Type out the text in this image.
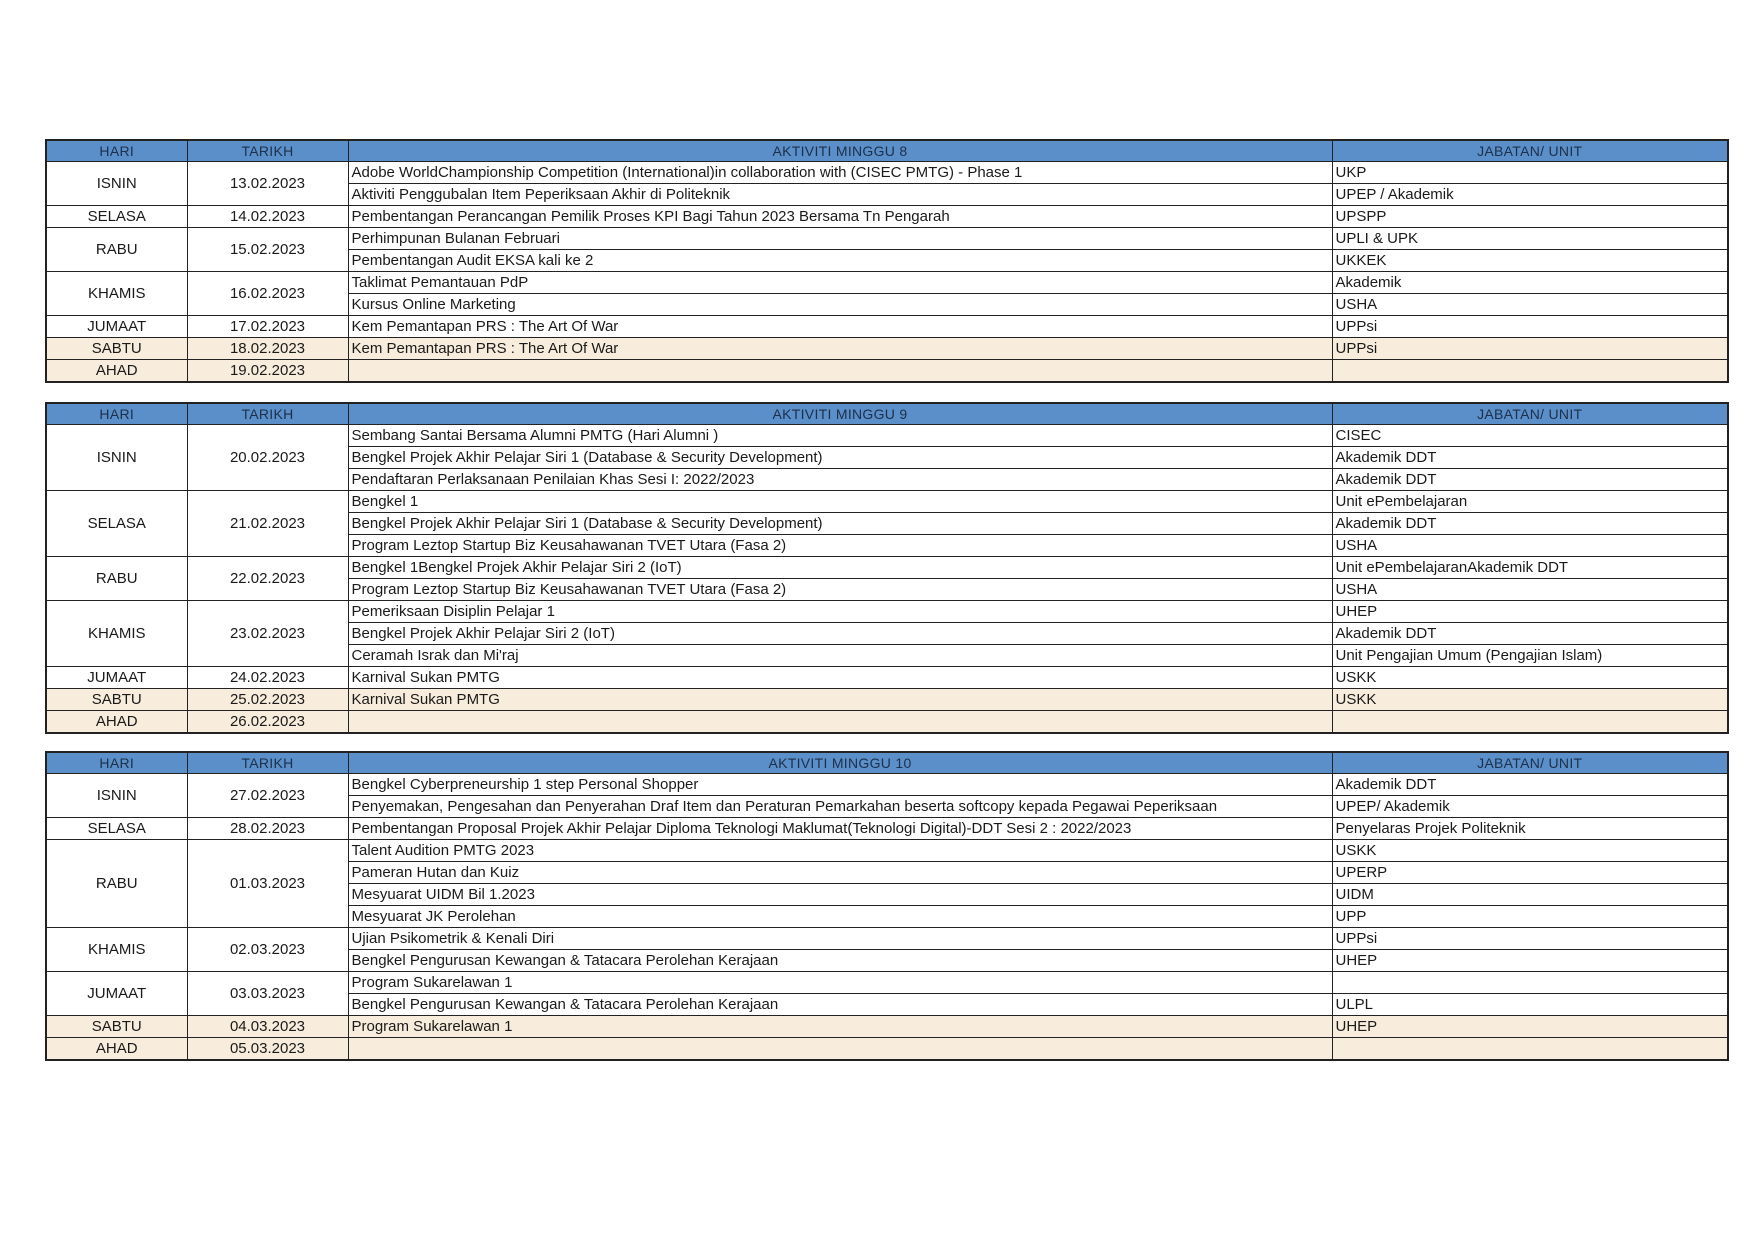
HARI	TARIKH	AKTIVITI MINGGU 8	JABATAN/ UNIT
ISNIN	13.02.2023	Adobe WorldChampionship Competition (International)in collaboration with (CISEC PMTG) - Phase 1	UKP
		Aktiviti Penggubalan Item Peperiksaan Akhir di Politeknik	UPEP / Akademik
SELASA	14.02.2023	Pembentangan Perancangan Pemilik Proses KPI Bagi Tahun 2023 Bersama Tn Pengarah	UPSPP
RABU	15.02.2023	Perhimpunan Bulanan Februari	UPLI & UPK
		Pembentangan Audit EKSA kali ke 2	UKKEK
KHAMIS	16.02.2023	Taklimat Pemantauan PdP	Akademik
		Kursus Online Marketing	USHA
JUMAAT	17.02.2023	Kem Pemantapan PRS : The Art Of War	UPPsi
SABTU	18.02.2023	Kem Pemantapan PRS : The Art Of War	UPPsi
AHAD	19.02.2023		
HARI	TARIKH	AKTIVITI MINGGU 9	JABATAN/ UNIT
ISNIN	20.02.2023	Sembang Santai Bersama Alumni PMTG (Hari Alumni )	CISEC
		Bengkel Projek Akhir Pelajar Siri 1 (Database & Security Development)	Akademik DDT
		Pendaftaran Perlaksanaan Penilaian Khas Sesi I: 2022/2023	Akademik DDT
SELASA	21.02.2023	Bengkel 1	Unit ePembelajaran
		Bengkel Projek Akhir Pelajar Siri 1 (Database & Security Development)	Akademik DDT
		Program Leztop Startup Biz Keusahawanan TVET Utara (Fasa 2)	USHA
RABU	22.02.2023	Bengkel 1Bengkel Projek Akhir Pelajar Siri 2 (IoT)	Unit ePembelajaranAkademik DDT
		Program Leztop Startup Biz Keusahawanan TVET Utara (Fasa 2)	USHA
KHAMIS	23.02.2023	Pemeriksaan Disiplin Pelajar 1	UHEP
		Bengkel Projek Akhir Pelajar Siri 2 (IoT)	Akademik DDT
		Ceramah Israk dan Mi'raj	Unit Pengajian Umum (Pengajian Islam)
JUMAAT	24.02.2023	Karnival Sukan PMTG	USKK
SABTU	25.02.2023	Karnival Sukan PMTG	USKK
AHAD	26.02.2023		
HARI	TARIKH	AKTIVITI MINGGU 10	JABATAN/ UNIT
ISNIN	27.02.2023	Bengkel Cyberpreneurship 1 step Personal Shopper	Akademik DDT
		Penyemakan, Pengesahan dan Penyerahan Draf Item dan Peraturan Pemarkahan beserta softcopy kepada Pegawai Peperiksaan	UPEP/ Akademik
SELASA	28.02.2023	Pembentangan Proposal Projek Akhir Pelajar Diploma Teknologi Maklumat(Teknologi Digital)-DDT Sesi 2 : 2022/2023	Penyelaras Projek Politeknik
RABU	01.03.2023	Talent Audition PMTG 2023	USKK
		Pameran Hutan dan Kuiz	UPERP
		Mesyuarat UIDM Bil 1.2023	UIDM
		Mesyuarat JK Perolehan	UPP
KHAMIS	02.03.2023	Ujian Psikometrik & Kenali Diri	UPPsi
		Bengkel Pengurusan Kewangan & Tatacara Perolehan Kerajaan	UHEP
JUMAAT	03.03.2023	Program Sukarelawan 1	
		Bengkel Pengurusan Kewangan & Tatacara Perolehan Kerajaan	ULPL
SABTU	04.03.2023	Program Sukarelawan 1	UHEP
AHAD	05.03.2023		
